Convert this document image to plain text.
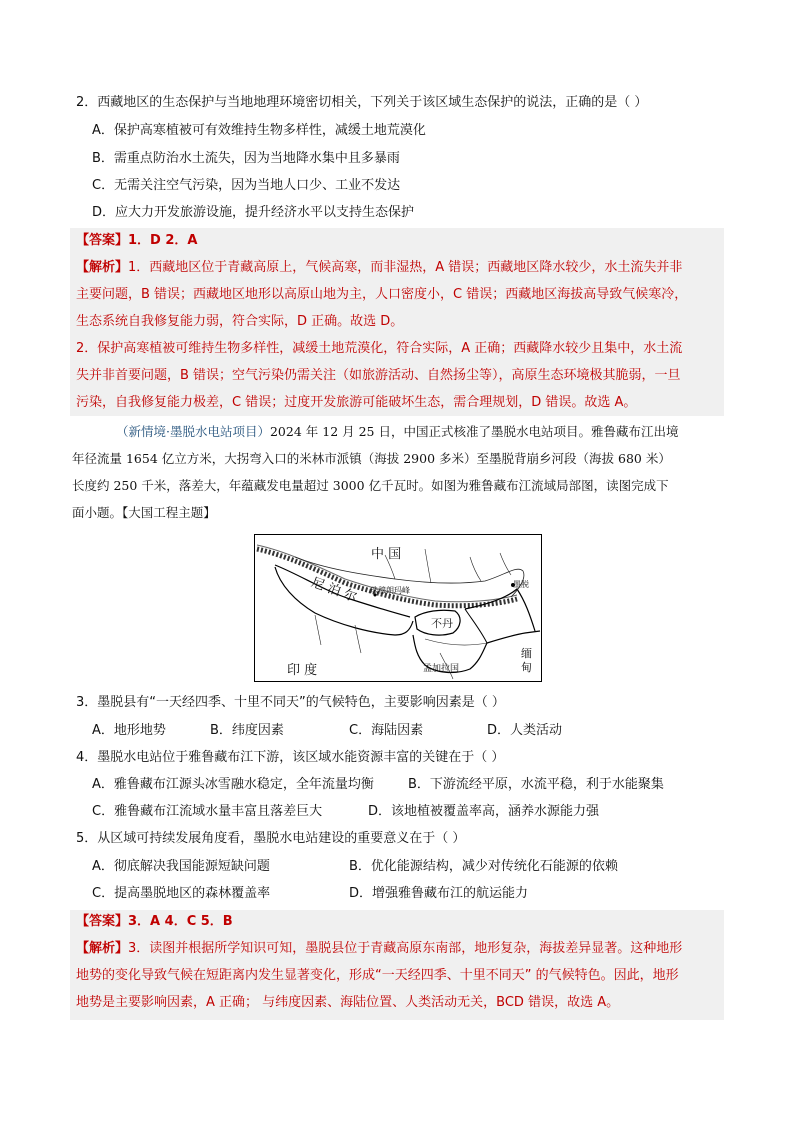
2．西藏地区的生态保护与当地地理环境密切相关，下列关于该区域生态保护的说法，正确的是（ ）
A．保护高寒植被可有效维持生物多样性，减缓土地荒漠化
B．需重点防治水土流失，因为当地降水集中且多暴雨
C．无需关注空气污染，因为当地人口少、工业不发达
D．应大力开发旅游设施，提升经济水平以支持生态保护
【答案】1．D 2．A
【解析】1．西藏地区位于青藏高原上，气候高寒，而非湿热，A 错误；西藏地区降水较少，水土流失并非
主要问题，B 错误；西藏地区地形以高原山地为主，人口密度小，C 错误；西藏地区海拔高导致气候寒冷，
生态系统自我修复能力弱，符合实际，D 正确。故选 D。
2．保护高寒植被可维持生物多样性，减缓土地荒漠化，符合实际，A 正确；西藏降水较少且集中，水土流
失并非首要问题，B 错误；空气污染仍需关注（如旅游活动、自然扬尘等），高原生态环境极其脆弱，一旦
污染，自我修复能力极差，C 错误；过度开发旅游可能破坏生态，需合理规划，D 错误。故选 A。
（新情境·墨脱水电站项目）2024 年 12 月 25 日，中国正式核准了墨脱水电站项目。雅鲁藏布江出境
年径流量 1654 亿立方米，大拐弯入口的米林市派镇（海拔 2900 多米）至墨脱背崩乡河段（海拔 680 米）
长度约 250 千米，落差大，年蕴藏发电量超过 3000 亿千瓦时。如图为雅鲁藏布江流域局部图，读图完成下
面小题。【大国工程主题】
中 国
尼 泊 尔 珠穆朗玛峰
墨脱
不丹
印 度	孟加拉国
缅
甸
3．墨脱县有“一天经四季、十里不同天”的气候特色，主要影响因素是（ ）
A．地形地势	B．纬度因素	C．海陆因素	D．人类活动
4．墨脱水电站位于雅鲁藏布江下游，该区域水能资源丰富的关键在于（ ）
A．雅鲁藏布江源头冰雪融水稳定，全年流量均衡	B．下游流经平原，水流平稳，利于水能聚集
C．雅鲁藏布江流域水量丰富且落差巨大	D．该地植被覆盖率高，涵养水源能力强
5．从区域可持续发展角度看，墨脱水电站建设的重要意义在于（ ）
A．彻底解决我国能源短缺问题	B．优化能源结构，减少对传统化石能源的依赖
C．提高墨脱地区的森林覆盖率	D．增强雅鲁藏布江的航运能力
【答案】3．A 4．C 5．B
【解析】3．读图并根据所学知识可知，墨脱县位于青藏高原东南部，地形复杂，海拔差异显著。这种地形
地势的变化导致气候在短距离内发生显著变化，形成“一天经四季、十里不同天” 的气候特色。因此，地形
地势是主要影响因素，A 正确； 与纬度因素、海陆位置、人类活动无关，BCD 错误，故选 A。
